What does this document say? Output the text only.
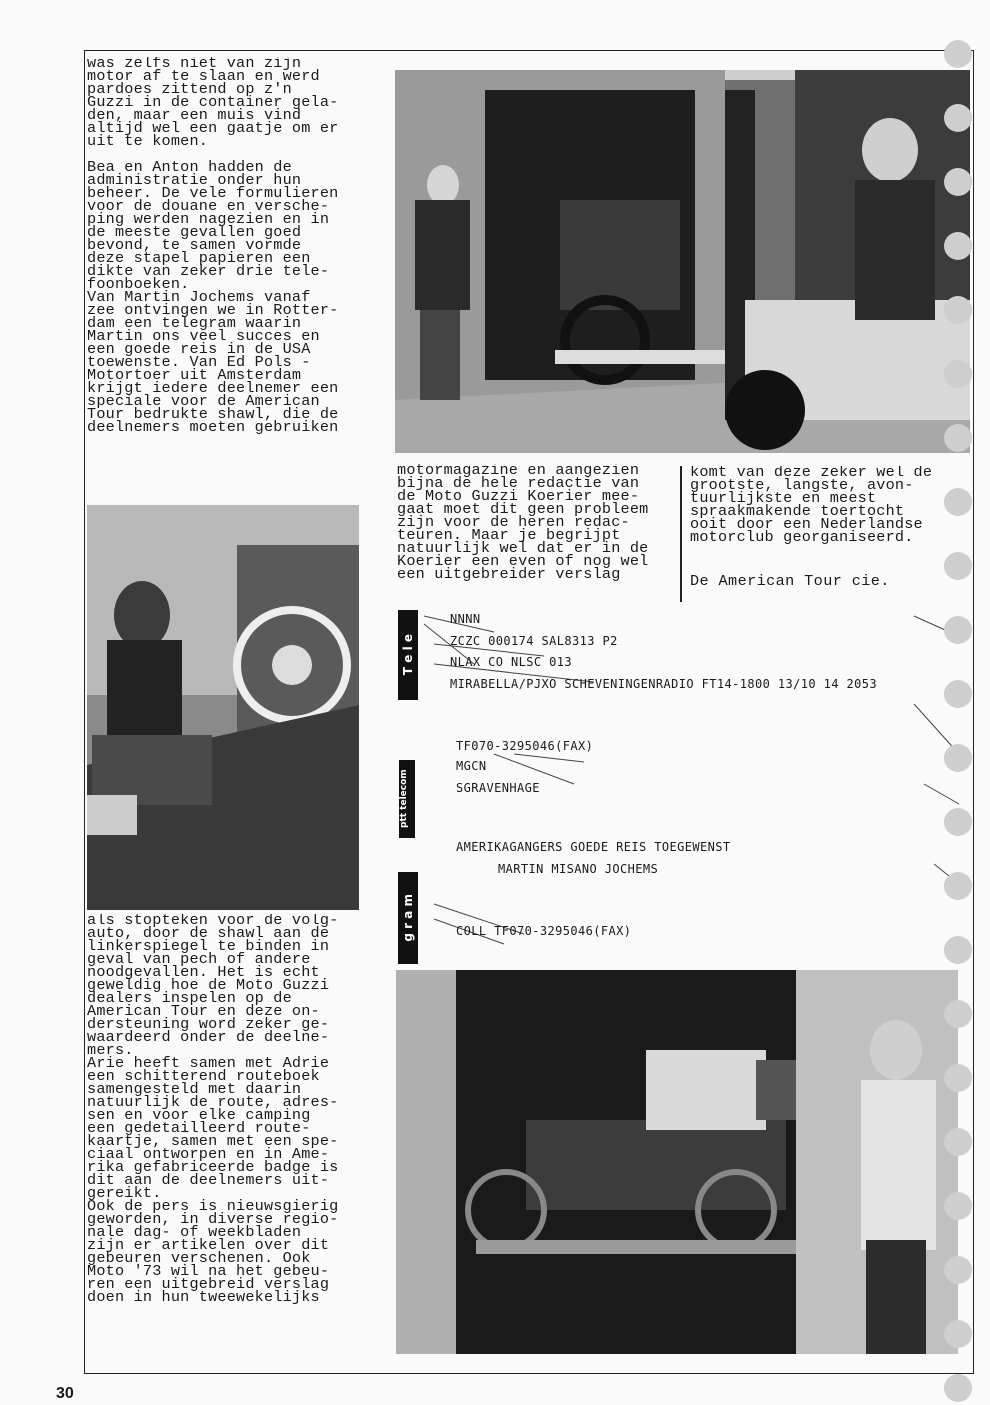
was zelfs niet van zijn
motor af te slaan en werd
pardoes zittend op z'n
Guzzi in de container gela-
den, maar een muis vind
altijd wel een gaatje om er
uit te komen.

Bea en Anton hadden de
administratie onder hun
beheer. De vele formulieren
voor de douane en versche-
ping werden nagezien en in
de meeste gevallen goed
bevond, te samen vormde
deze stapel papieren een
dikte van zeker drie tele-
foonboeken.
Van Martin Jochems vanaf
zee ontvingen we in Rotter-
dam een telegram waarin
Martin ons veel succes en
een goede reis in de USA
toewenste. Van Ed Pols -
Motortoer uit Amsterdam
krijgt iedere deelnemer een
speciale voor de American
Tour bedrukte shawl, die de
deelnemers moeten gebruiken
als stopteken voor de volg-
auto, door de shawl aan de
linkerspiegel te binden in
geval van pech of andere
noodgevallen. Het is echt
geweldig hoe de Moto Guzzi
dealers inspelen op de
American Tour en deze on-
dersteuning word zeker ge-
waardeerd onder de deelne-
mers.
Arie heeft samen met Adrie
een schitterend routeboek
samengesteld met daarin
natuurlijk de route, adres-
sen en voor elke camping
een gedetailleerd route-
kaartje, samen met een spe-
ciaal ontworpen en in Ame-
rika gefabriceerde badge is
dit aan de deelnemers uit-
gereikt.
Ook de pers is nieuwsgierig
geworden, in diverse regio-
nale dag- of weekbladen
zijn er artikelen over dit
gebeuren verschenen. Ook
Moto '73 wil na het gebeu-
ren een uitgebreid verslag
doen in hun tweewekelijks
motormagazine en aangezien
bijna de hele redactie van
de Moto Guzzi Koerier mee-
gaat moet dit geen probleem
zijn voor de heren redac-
teuren. Maar je begrijpt
natuurlijk wel dat er in de
Koerier een even of nog wel
een uitgebreider verslag
komt van deze zeker wel de
grootste, langste, avon-
tuurlijkste en meest
spraakmakende toertocht
ooit door een Nederlandse
motorclub georganiseerd.
De American Tour cie.
T e l e
ptt telecom
g r a m
NNNN
ZCZC 000174 SAL8313 P2
NLAX CO NLSC 013
MIRABELLA/PJXO SCHEVENINGENRADIO FT14-1800 13/10 14 2053
TF070-3295046(FAX)
MGCN
SGRAVENHAGE
AMERIKAGANGERS GOEDE REIS TOEGEWENST
MARTIN MISANO JOCHEMS
COLL TF070-3295046(FAX)
30
